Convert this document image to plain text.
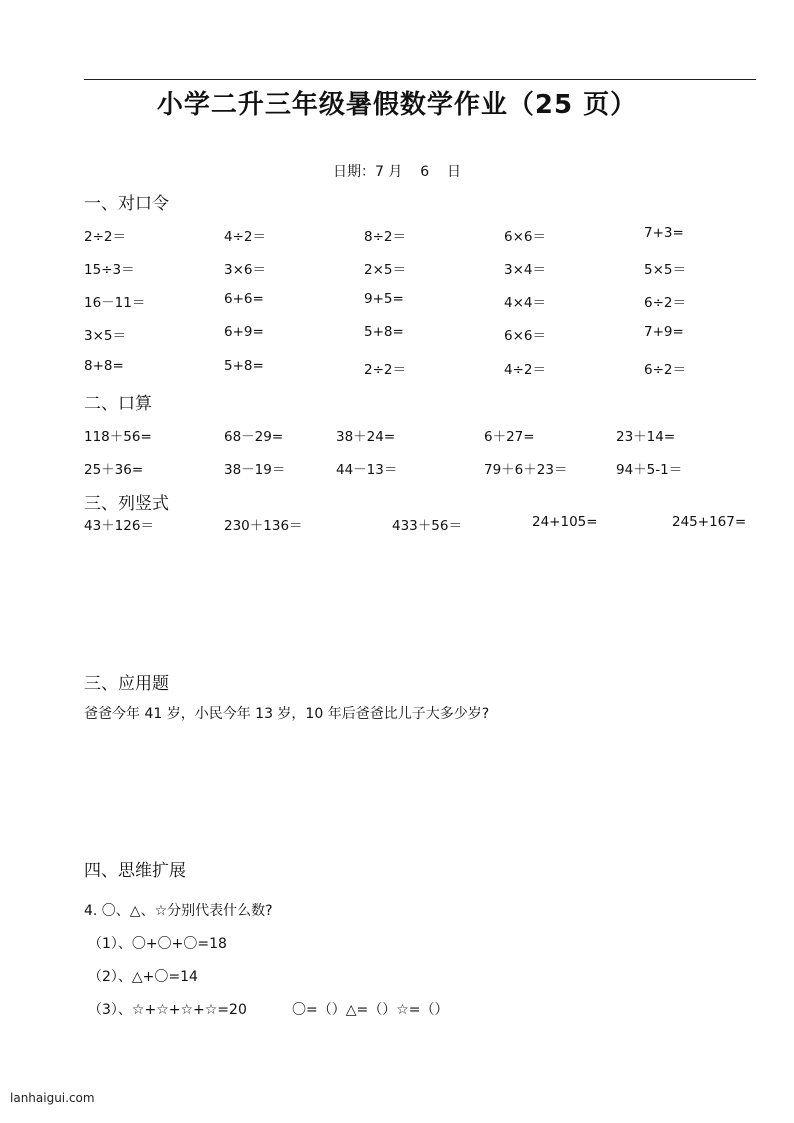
小学二升三年级暑假数学作业（25 页）
日期：7 月 6 日
一、对口令
2÷2＝	4÷2＝	8÷2＝	6×6＝	7+3=
15÷3＝	3×6＝	2×5＝	3×4＝	5×5＝
16－11＝	6+6=	9+5=	4×4＝	6÷2＝
3×5＝	6+9=	5+8=	6×6＝	7+9=
8+8=	5+8=	2÷2＝	4÷2＝	6÷2＝
二、口算
118＋56=	68－29=	38＋24=	6＋27=	23＋14=
25＋36=	38－19＝	44－13＝	79＋6＋23＝	94＋5-1＝
三、列竖式
43＋126＝	230＋136＝	433＋56＝	24+105=	245+167=
三、应用题
爸爸今年 41 岁，小民今年 13 岁，10 年后爸爸比儿子大多少岁?
四、思维扩展
4. 〇、△、☆分别代表什么数?
（1）、〇+〇+〇=18
（2）、△+〇=14
（3）、☆+☆+☆+☆=20	〇=（）△=（）☆=（）
lanhaigui.com
